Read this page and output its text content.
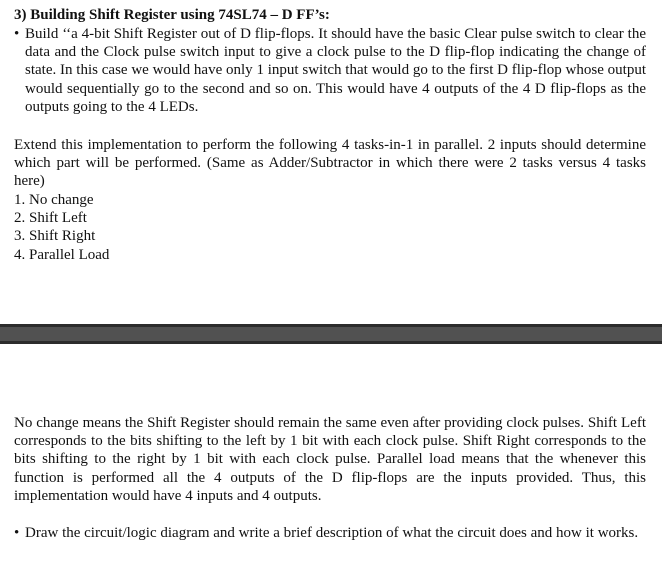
3) Building Shift Register using 74SL74 – D FF’s:
• Build ‘‘a 4-bit Shift Register out of D flip-flops. It should have the basic Clear pulse switch to clear the data and the Clock pulse switch input to give a clock pulse to the D flip-flop indicating the change of state. In this case we would have only 1 input switch that would go to the first D flip-flop whose output would sequentially go to the second and so on. This would have 4 outputs of the 4 D flip-flops as the outputs going to the 4 LEDs.
Extend this implementation to perform the following 4 tasks-in-1 in parallel. 2 inputs should determine which part will be performed. (Same as Adder/Subtractor in which there were 2 tasks versus 4 tasks here)
1. No change
2. Shift Left
3. Shift Right
4. Parallel Load
No change means the Shift Register should remain the same even after providing clock pulses. Shift Left corresponds to the bits shifting to the left by 1 bit with each clock pulse. Shift Right corresponds to the bits shifting to the right by 1 bit with each clock pulse. Parallel load means that the whenever this function is performed all the 4 outputs of the D flip-flops are the inputs provided. Thus, this implementation would have 4 inputs and 4 outputs.
• Draw the circuit/logic diagram and write a brief description of what the circuit does and how it works.
